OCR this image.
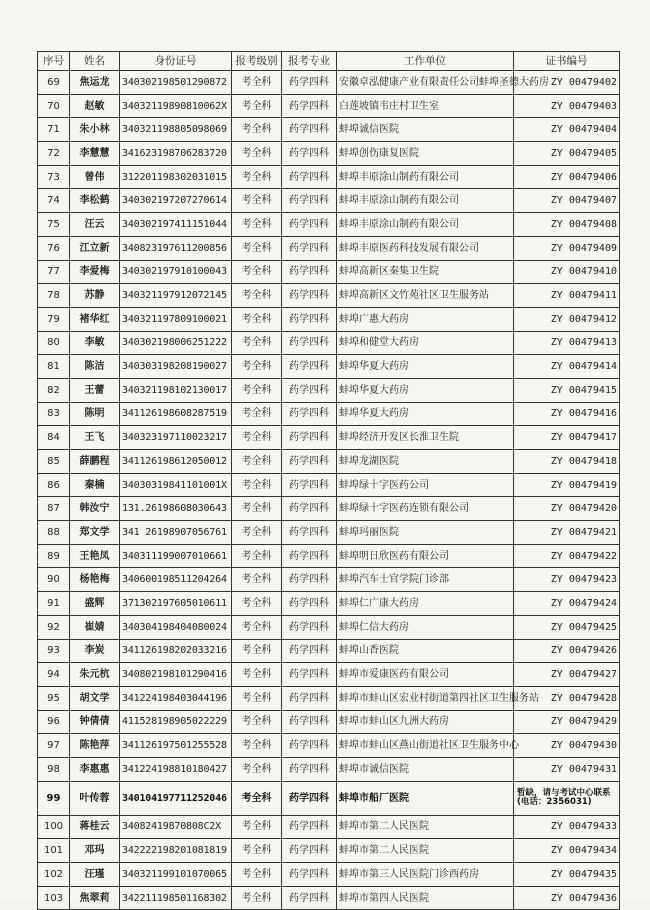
序号	姓名	身份证号	报考级别	报考专业	工作单位	证书编号
69	焦运龙	340302198501290872	考全科	药学四科	安徽卓泓健康产业有限责任公司蚌埠圣德大药房	ZY 00479402
70	赵敏	34032119890810062X	考全科	药学四科	白莲坡镇韦庄村卫生室	ZY 00479403
71	朱小林	340321198805098069	考全科	药学四科	蚌埠诚信医院	ZY 00479404
72	李慧慧	341623198706283720	考全科	药学四科	蚌埠创伤康复医院	ZY 00479405
73	曾伟	312201198302031015	考全科	药学四科	蚌埠丰原涂山制药有限公司	ZY 00479406
74	李松鹤	340302197207270614	考全科	药学四科	蚌埠丰原涂山制药有限公司	ZY 00479407
75	汪云	340302197411151044	考全科	药学四科	蚌埠丰原涂山制药有限公司	ZY 00479408
76	江立新	340823197611200856	考全科	药学四科	蚌埠丰原医药科技发展有限公司	ZY 00479409
77	李爱梅	340302197910100043	考全科	药学四科	蚌埠高新区秦集卫生院	ZY 00479410
78	苏静	340321197912072145	考全科	药学四科	蚌埠高新区文竹苑社区卫生服务站	ZY 00479411
79	褚华红	340321197809100021	考全科	药学四科	蚌埠广惠大药房	ZY 00479412
80	李敏	340302198006251222	考全科	药学四科	蚌埠和健堂大药房	ZY 00479413
81	陈洁	340303198208190027	考全科	药学四科	蚌埠华夏大药房	ZY 00479414
82	王蕾	340321198102130017	考全科	药学四科	蚌埠华夏大药房	ZY 00479415
83	陈明	341126198608287519	考全科	药学四科	蚌埠华夏大药房	ZY 00479416
84	王飞	340323197110023217	考全科	药学四科	蚌埠经济开发区长淮卫生院	ZY 00479417
85	薛鹏程	341126198612050012	考全科	药学四科	蚌埠龙湖医院	ZY 00479418
86	秦楠	34030319841101001X	考全科	药学四科	蚌埠绿十字医药公司	ZY 00479419
87	韩汝宁	131.26198608030643	考全科	药学四科	蚌埠绿十字医药连锁有限公司	ZY 00479420
88	郑文学	341 26198907056761	考全科	药学四科	蚌埠玛丽医院	ZY 00479421
89	王艳凤	340311199007010661	考全科	药学四科	蚌埠明日欣医药有限公司	ZY 00479422
90	杨艳梅	340600198511204264	考全科	药学四科	蚌埠汽车士官学院门诊部	ZY 00479423
91	盛辉	371302197605010611	考全科	药学四科	蚌埠仁广康大药房	ZY 00479424
92	崔婧	340304198404080024	考全科	药学四科	蚌埠仁信大药房	ZY 00479425
93	李炭	341126198202033216	考全科	药学四科	蚌埠山香医院	ZY 00479426
94	朱元杭	340802198101290416	考全科	药学四科	蚌埠市爱康医药有限公司	ZY 00479427
95	胡文学	341224198403044196	考全科	药学四科	蚌埠市蚌山区宏业村街道第四社区卫生服务站	ZY 00479428
96	钟倩倩	411528198905022229	考全科	药学四科	蚌埠市蚌山区九洲大药房	ZY 00479429
97	陈艳萍	341126197501255528	考全科	药学四科	蚌埠市蚌山区燕山街道社区卫生服务中心	ZY 00479430
98	李惠惠	341224198810180427	考全科	药学四科	蚌埠市诚信医院	ZY 00479431
99	叶传蓉	340104197711252046	考全科	药学四科	蚌埠市船厂医院	暂缺，请与考试中心联系(电话：2356031)
100	蒋桂云	34082419870808C2X	考全科	药学四科	蚌埠市第二人民医院	ZY 00479433
101	邓玛	342222198201081819	考全科	药学四科	蚌埠市第二人民医院	ZY 00479434
102	汪瑾	340321199101070065	考全科	药学四科	蚌埠市第三人民医院门诊西药房	ZY 00479435
103	焦翠莉	342211198501168302	考全科	药学四科	蚌埠市第四人民医院	ZY 00479436
